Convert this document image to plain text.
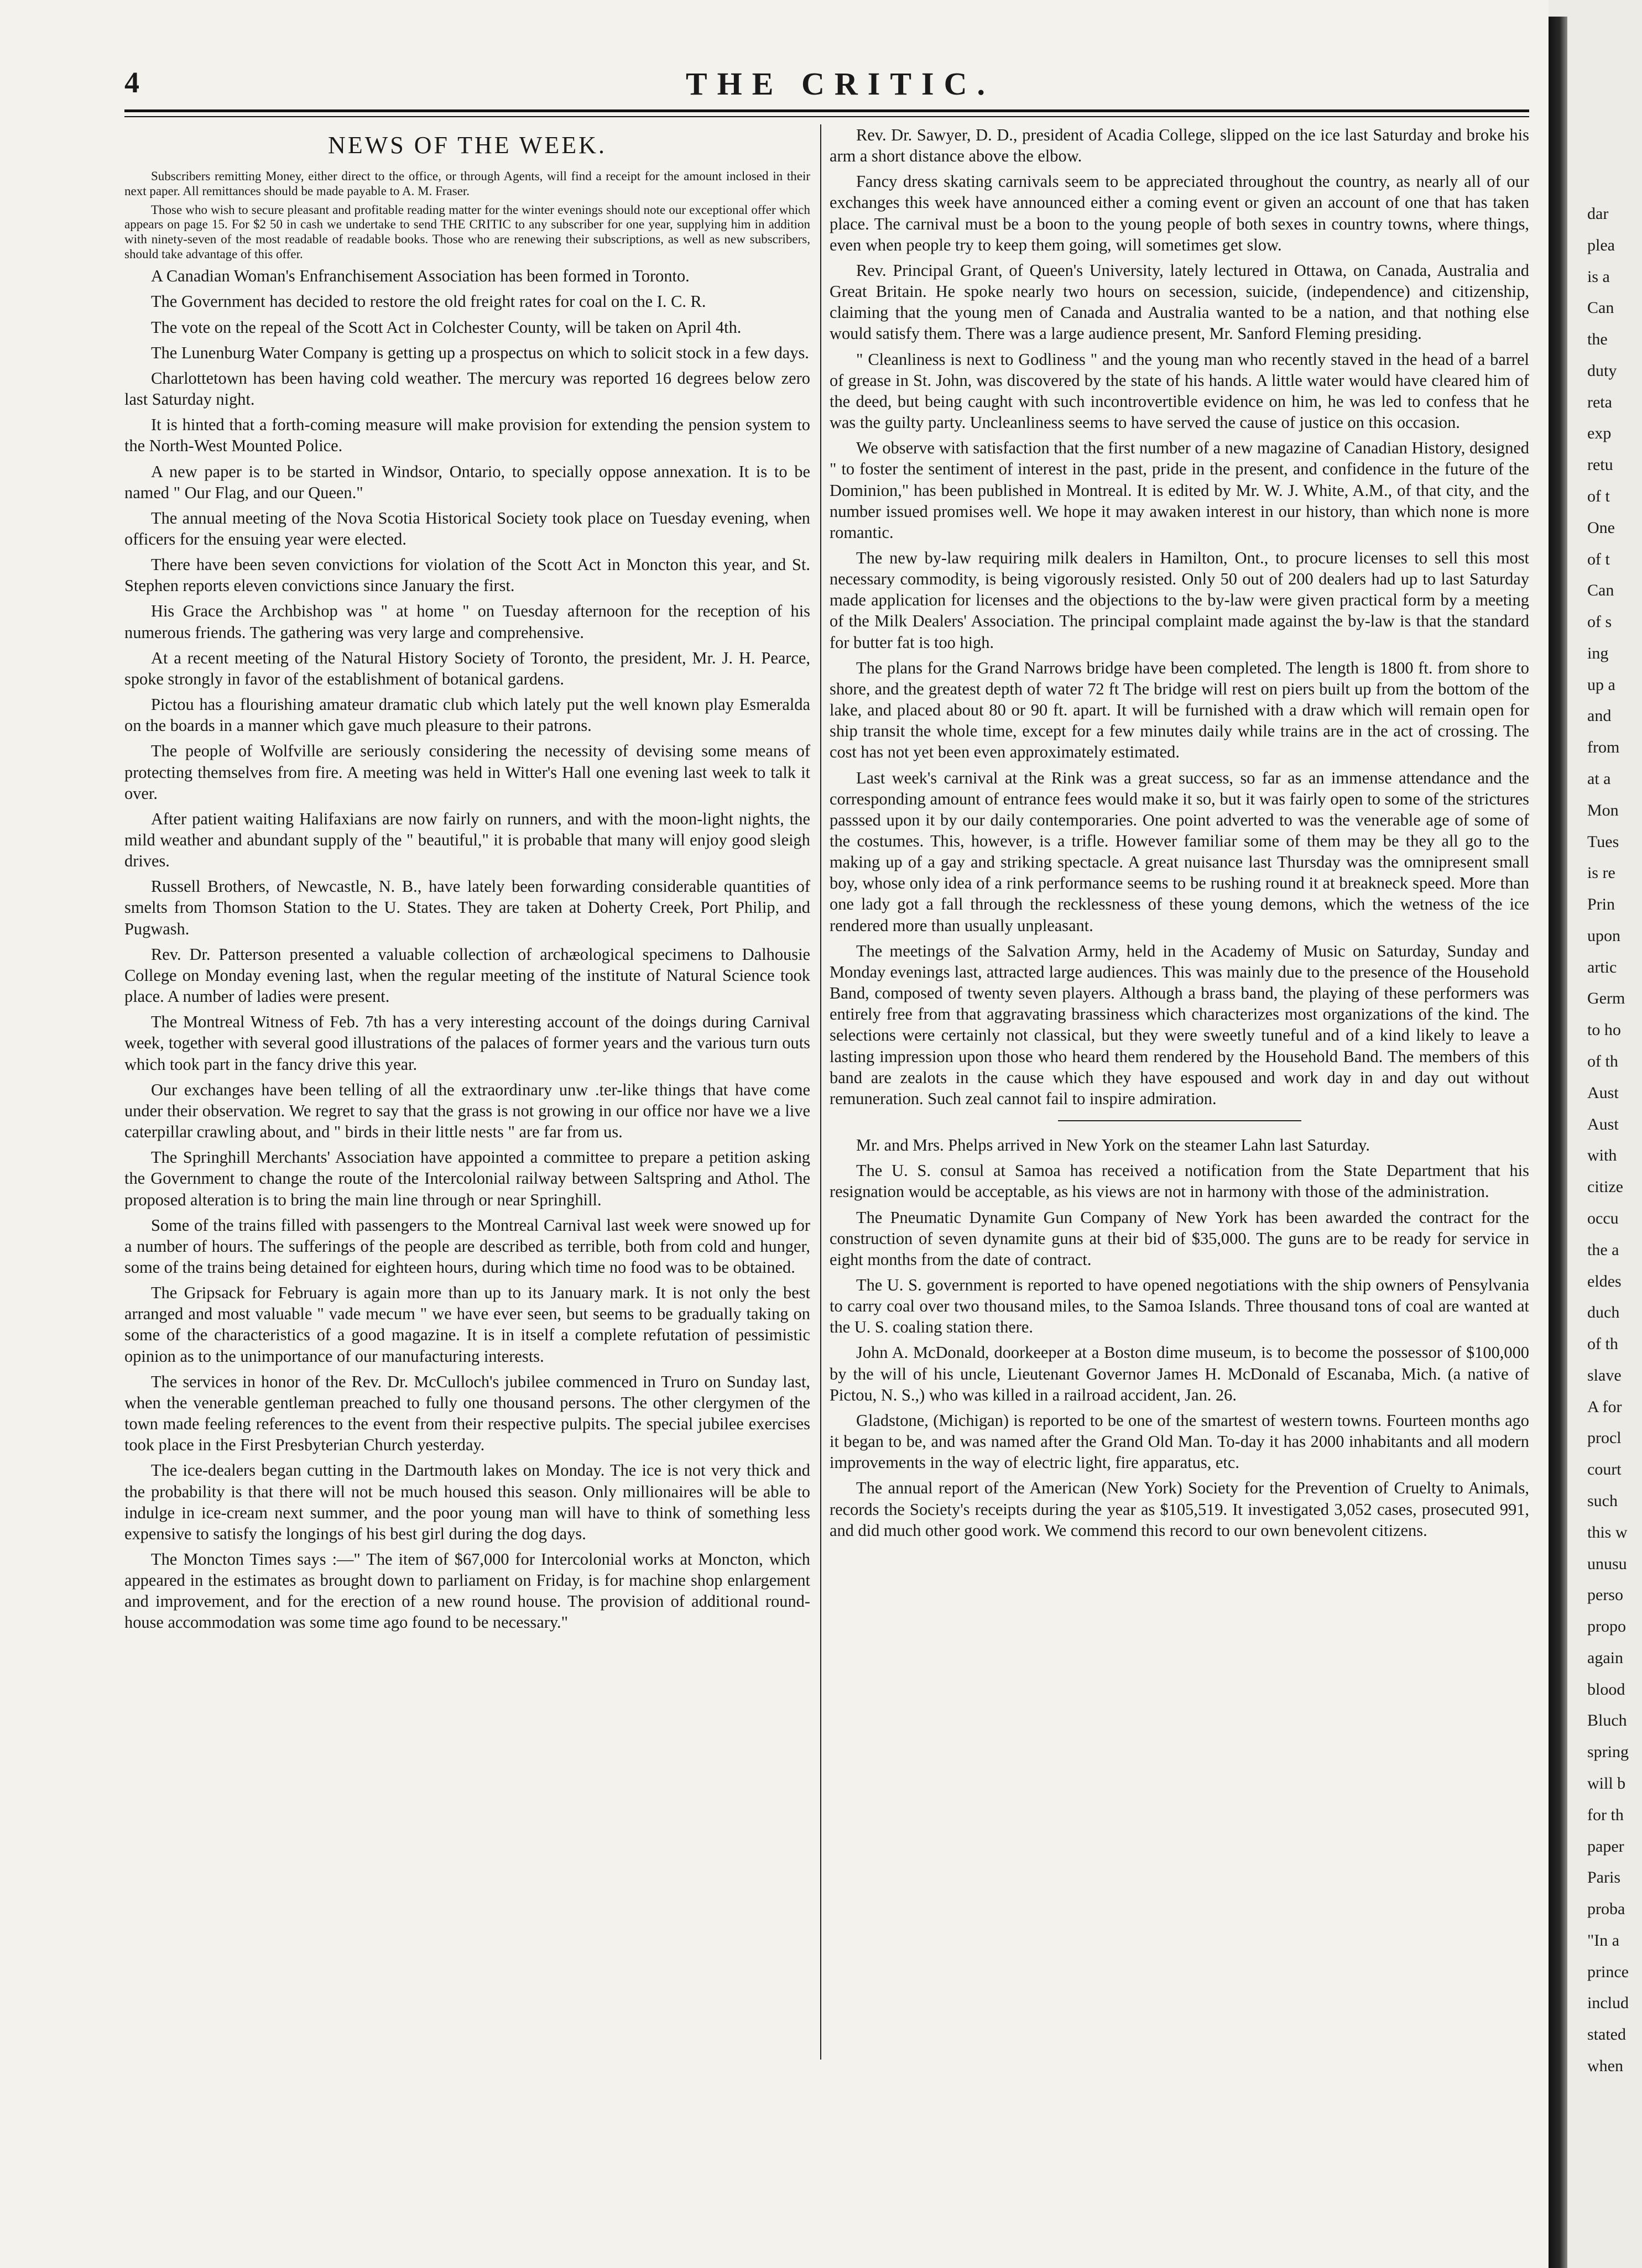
4	THE CRITIC.
NEWS OF THE WEEK.

Subscribers remitting Money, either direct to the office, or through Agents, will find a receipt for the amount inclosed in their next paper. All remittances should be made payable to A. M. Fraser.

Those who wish to secure pleasant and profitable reading matter for the winter evenings should note our exceptional offer which appears on page 15. For $2 50 in cash we undertake to send THE CRITIC to any subscriber for one year, supplying him in addition with ninety-seven of the most readable of readable books. Those who are renewing their subscriptions, as well as new subscribers, should take advantage of this offer.

A Canadian Woman's Enfranchisement Association has been formed in Toronto.

The Government has decided to restore the old freight rates for coal on the I. C. R.

The vote on the repeal of the Scott Act in Colchester County, will be taken on April 4th.

The Lunenburg Water Company is getting up a prospectus on which to solicit stock in a few days.

Charlottetown has been having cold weather. The mercury was reported 16 degrees below zero last Saturday night.

It is hinted that a forth-coming measure will make provision for extending the pension system to the North-West Mounted Police.

A new paper is to be started in Windsor, Ontario, to specially oppose annexation. It is to be named " Our Flag, and our Queen."

The annual meeting of the Nova Scotia Historical Society took place on Tuesday evening, when officers for the ensuing year were elected.

There have been seven convictions for violation of the Scott Act in Moncton this year, and St. Stephen reports eleven convictions since January the first.

His Grace the Archbishop was " at home " on Tuesday afternoon for the reception of his numerous friends. The gathering was very large and comprehensive.

At a recent meeting of the Natural History Society of Toronto, the president, Mr. J. H. Pearce, spoke strongly in favor of the establishment of botanical gardens.

Pictou has a flourishing amateur dramatic club which lately put the well known play Esmeralda on the boards in a manner which gave much pleasure to their patrons.

The people of Wolfville are seriously considering the necessity of devising some means of protecting themselves from fire. A meeting was held in Witter's Hall one evening last week to talk it over.

After patient waiting Halifaxians are now fairly on runners, and with the moon-light nights, the mild weather and abundant supply of the " beautiful," it is probable that many will enjoy good sleigh drives.

Russell Brothers, of Newcastle, N. B., have lately been forwarding considerable quantities of smelts from Thomson Station to the U. States. They are taken at Doherty Creek, Port Philip, and Pugwash.

Rev. Dr. Patterson presented a valuable collection of archæological specimens to Dalhousie College on Monday evening last, when the regular meeting of the institute of Natural Science took place. A number of ladies were present.

The Montreal Witness of Feb. 7th has a very interesting account of the doings during Carnival week, together with several good illustrations of the palaces of former years and the various turn outs which took part in the fancy drive this year.

Our exchanges have been telling of all the extraordinary unw .ter-like things that have come under their observation. We regret to say that the grass is not growing in our office nor have we a live caterpillar crawling about, and " birds in their little nests " are far from us.

The Springhill Merchants' Association have appointed a committee to prepare a petition asking the Government to change the route of the Intercolonial railway between Saltspring and Athol. The proposed alteration is to bring the main line through or near Springhill.

Some of the trains filled with passengers to the Montreal Carnival last week were snowed up for a number of hours. The sufferings of the people are described as terrible, both from cold and hunger, some of the trains being detained for eighteen hours, during which time no food was to be obtained.

The Gripsack for February is again more than up to its January mark. It is not only the best arranged and most valuable " vade mecum " we have ever seen, but seems to be gradually taking on some of the characteristics of a good magazine. It is in itself a complete refutation of pessimistic opinion as to the unimportance of our manufacturing interests.

The services in honor of the Rev. Dr. McCulloch's jubilee commenced in Truro on Sunday last, when the venerable gentleman preached to fully one thousand persons. The other clergymen of the town made feeling references to the event from their respective pulpits. The special jubilee exercises took place in the First Presbyterian Church yesterday.

The ice-dealers began cutting in the Dartmouth lakes on Monday. The ice is not very thick and the probability is that there will not be much housed this season. Only millionaires will be able to indulge in ice-cream next summer, and the poor young man will have to think of something less expensive to satisfy the longings of his best girl during the dog days.

The Moncton Times says :—" The item of $67,000 for Intercolonial works at Moncton, which appeared in the estimates as brought down to parliament on Friday, is for machine shop enlargement and improvement, and for the erection of a new round house. The provision of additional round-house accommodation was some time ago found to be necessary."

Rev. Dr. Sawyer, D. D., president of Acadia College, slipped on the ice last Saturday and broke his arm a short distance above the elbow.

Fancy dress skating carnivals seem to be appreciated throughout the country, as nearly all of our exchanges this week have announced either a coming event or given an account of one that has taken place. The carnival must be a boon to the young people of both sexes in country towns, where things, even when people try to keep them going, will sometimes get slow.

Rev. Principal Grant, of Queen's University, lately lectured in Ottawa, on Canada, Australia and Great Britain. He spoke nearly two hours on secession, suicide, (independence) and citizenship, claiming that the young men of Canada and Australia wanted to be a nation, and that nothing else would satisfy them. There was a large audience present, Mr. Sanford Fleming presiding.

" Cleanliness is next to Godliness " and the young man who recently staved in the head of a barrel of grease in St. John, was discovered by the state of his hands. A little water would have cleared him of the deed, but being caught with such incontrovertible evidence on him, he was led to confess that he was the guilty party. Uncleanliness seems to have served the cause of justice on this occasion.

We observe with satisfaction that the first number of a new magazine of Canadian History, designed " to foster the sentiment of interest in the past, pride in the present, and confidence in the future of the Dominion," has been published in Montreal. It is edited by Mr. W. J. White, A.M., of that city, and the number issued promises well. We hope it may awaken interest in our history, than which none is more romantic.

The new by-law requiring milk dealers in Hamilton, Ont., to procure licenses to sell this most necessary commodity, is being vigorously resisted. Only 50 out of 200 dealers had up to last Saturday made application for licenses and the objections to the by-law were given practical form by a meeting of the Milk Dealers' Association. The principal complaint made against the by-law is that the standard for butter fat is too high.

The plans for the Grand Narrows bridge have been completed. The length is 1800 ft. from shore to shore, and the greatest depth of water 72 ft The bridge will rest on piers built up from the bottom of the lake, and placed about 80 or 90 ft. apart. It will be furnished with a draw which will remain open for ship transit the whole time, except for a few minutes daily while trains are in the act of crossing. The cost has not yet been even approximately estimated.

Last week's carnival at the Rink was a great success, so far as an immense attendance and the corresponding amount of entrance fees would make it so, but it was fairly open to some of the strictures passsed upon it by our daily contemporaries. One point adverted to was the venerable age of some of the costumes. This, however, is a trifle. However familiar some of them may be they all go to the making up of a gay and striking spectacle. A great nuisance last Thursday was the omnipresent small boy, whose only idea of a rink performance seems to be rushing round it at breakneck speed. More than one lady got a fall through the recklessness of these young demons, which the wetness of the ice rendered more than usually unpleasant.

The meetings of the Salvation Army, held in the Academy of Music on Saturday, Sunday and Monday evenings last, attracted large audiences. This was mainly due to the presence of the Household Band, composed of twenty seven players. Although a brass band, the playing of these performers was entirely free from that aggravating brassiness which characterizes most organizations of the kind. The selections were certainly not classical, but they were sweetly tuneful and of a kind likely to leave a lasting impression upon those who heard them rendered by the Household Band. The members of this band are zealots in the cause which they have espoused and work day in and day out without remuneration. Such zeal cannot fail to inspire admiration.

Mr. and Mrs. Phelps arrived in New York on the steamer Lahn last Saturday.

The U. S. consul at Samoa has received a notification from the State Department that his resignation would be acceptable, as his views are not in harmony with those of the administration.

The Pneumatic Dynamite Gun Company of New York has been awarded the contract for the construction of seven dynamite guns at their bid of $35,000. The guns are to be ready for service in eight months from the date of contract.

The U. S. government is reported to have opened negotiations with the ship owners of Pensylvania to carry coal over two thousand miles, to the Samoa Islands. Three thousand tons of coal are wanted at the U. S. coaling station there.

John A. McDonald, doorkeeper at a Boston dime museum, is to become the possessor of $100,000 by the will of his uncle, Lieutenant Governor James H. McDonald of Escanaba, Mich. (a native of Pictou, N. S.,) who was killed in a railroad accident, Jan. 26.

Gladstone, (Michigan) is reported to be one of the smartest of western towns. Fourteen months ago it began to be, and was named after the Grand Old Man. To-day it has 2000 inhabitants and all modern improvements in the way of electric light, fire apparatus, etc.

The annual report of the American (New York) Society for the Prevention of Cruelty to Animals, records the Society's receipts during the year as $105,519. It investigated 3,052 cases, prosecuted 991, and did much other good work. We commend this record to our own benevolent citizens.

dar
plea
is a
Can
the
duty
reta
exp
retu
of t
One
of t
Can
of s
ing
up a
and
from
at a
Mon
Tues
is re
Prin
upon
artic
Germ
to ho
of th
Aust
Aust
with
citize
occu
the a
eldes
duch
of th
slave
A for
procl
court
such
this w
unusu
perso
propo
again
blood
Bluch
spring
will b
for th
paper
Paris
proba
"In a
prince
includ
stated
when
